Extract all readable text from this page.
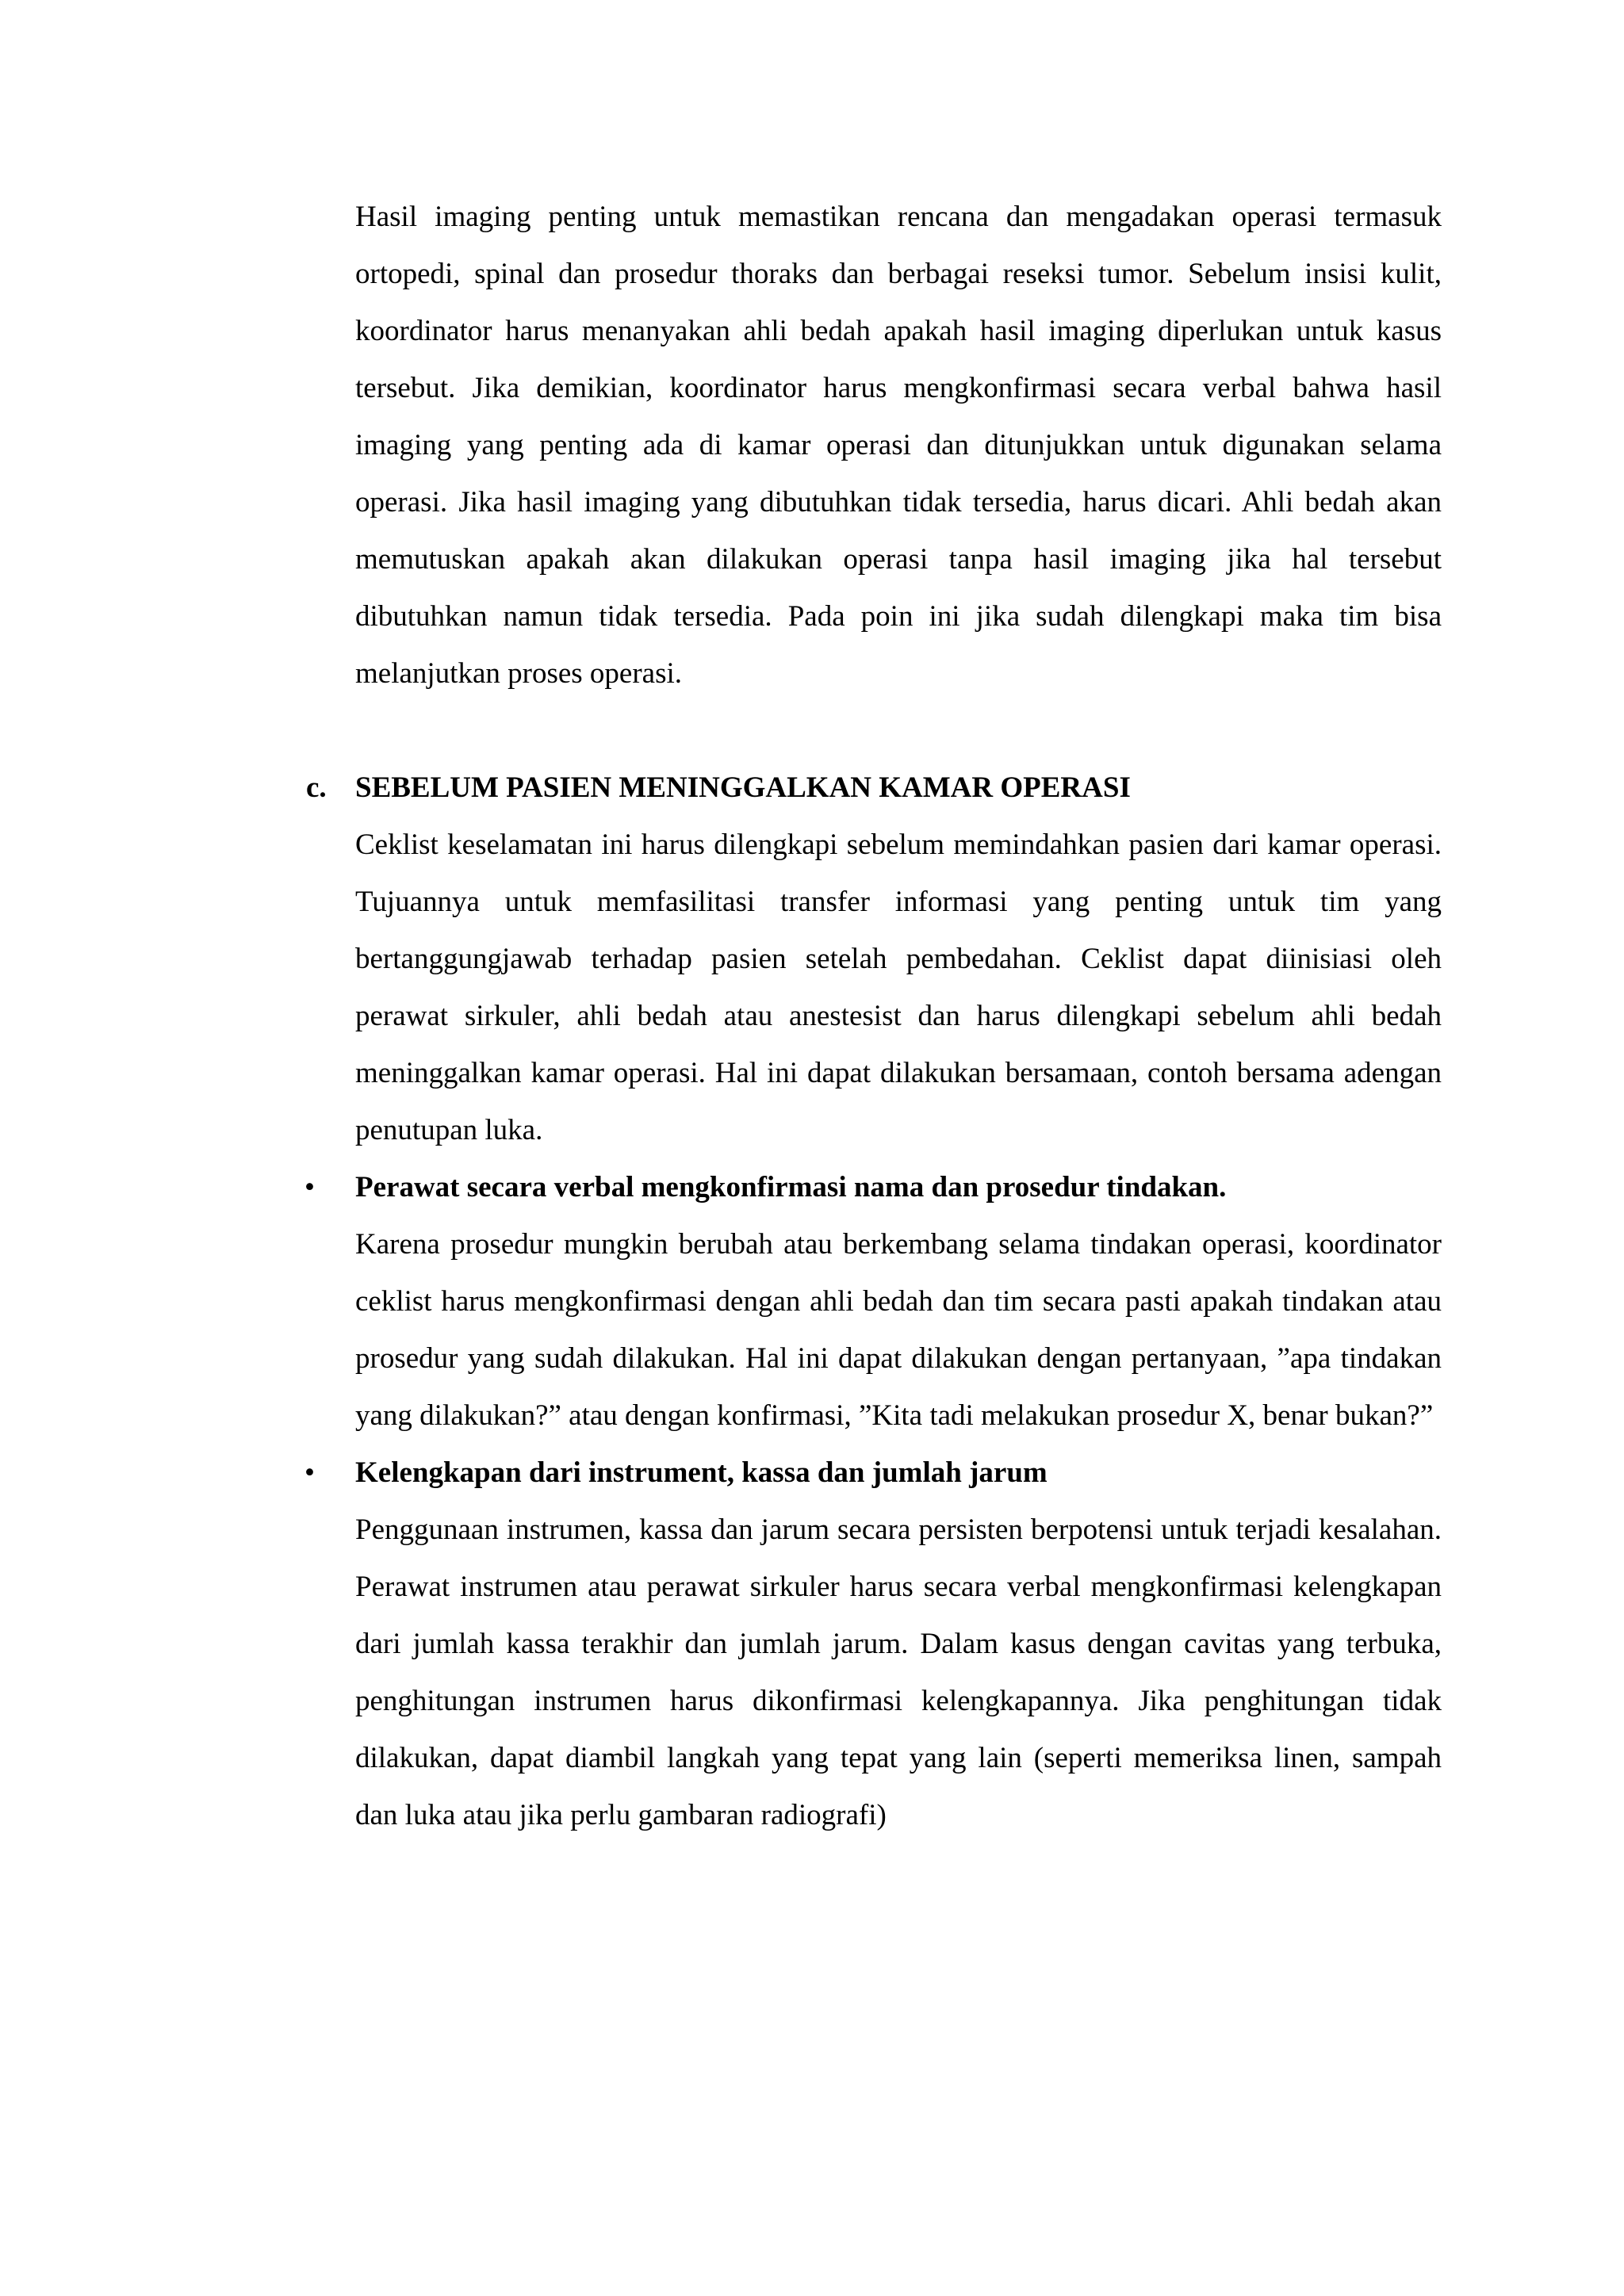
Hasil imaging penting untuk memastikan rencana dan mengadakan operasi termasuk ortopedi, spinal dan prosedur thoraks dan berbagai reseksi tumor. Sebelum insisi kulit, koordinator harus menanyakan ahli bedah apakah hasil imaging diperlukan untuk kasus tersebut. Jika demikian, koordinator harus mengkonfirmasi secara verbal bahwa hasil imaging yang penting ada di kamar operasi dan ditunjukkan untuk digunakan selama operasi. Jika hasil imaging yang dibutuhkan tidak tersedia, harus dicari. Ahli bedah akan memutuskan apakah akan dilakukan operasi tanpa hasil imaging jika hal tersebut dibutuhkan namun tidak tersedia. Pada poin ini jika sudah dilengkapi maka tim bisa melanjutkan proses operasi.

c. SEBELUM PASIEN MENINGGALKAN KAMAR OPERASI

Ceklist keselamatan ini harus dilengkapi sebelum memindahkan pasien dari kamar operasi. Tujuannya untuk memfasilitasi transfer informasi yang penting untuk tim yang bertanggungjawab terhadap pasien setelah pembedahan. Ceklist dapat diinisiasi oleh perawat sirkuler, ahli bedah atau anestesist dan harus dilengkapi sebelum ahli bedah meninggalkan kamar operasi. Hal ini dapat dilakukan bersamaan, contoh bersama adengan penutupan luka.

• Perawat secara verbal mengkonfirmasi nama dan prosedur tindakan.

Karena prosedur mungkin berubah atau berkembang selama tindakan operasi, koordinator ceklist harus mengkonfirmasi dengan ahli bedah dan tim secara pasti apakah tindakan atau prosedur yang sudah dilakukan. Hal ini dapat dilakukan dengan pertanyaan, ”apa tindakan yang dilakukan?” atau dengan konfirmasi, ”Kita tadi melakukan prosedur X, benar bukan?”

• Kelengkapan dari instrument, kassa dan jumlah jarum

Penggunaan instrumen, kassa dan jarum secara persisten berpotensi untuk terjadi kesalahan. Perawat instrumen atau perawat sirkuler harus secara verbal mengkonfirmasi kelengkapan dari jumlah kassa terakhir dan jumlah jarum. Dalam kasus dengan cavitas yang terbuka, penghitungan instrumen harus dikonfirmasi kelengkapannya. Jika penghitungan tidak dilakukan, dapat diambil langkah yang tepat yang lain (seperti memeriksa linen, sampah dan luka atau jika perlu gambaran radiografi)
